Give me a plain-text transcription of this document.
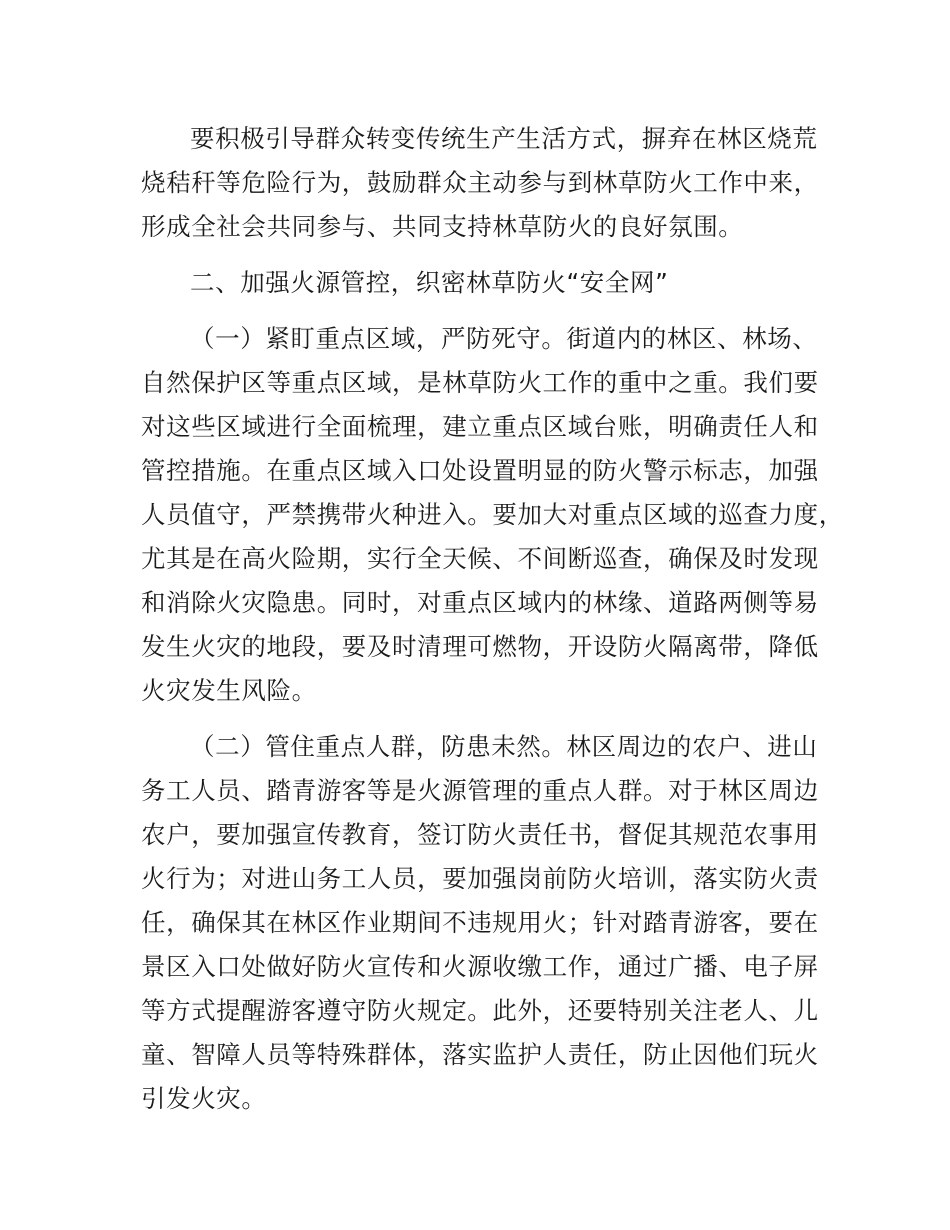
要积极引导群众转变传统生产生活方式，摒弃在林区烧荒
烧秸秆等危险行为，鼓励群众主动参与到林草防火工作中来，
形成全社会共同参与、共同支持林草防火的良好氛围。
二、加强火源管控，织密林草防火“安全网”
（一）紧盯重点区域，严防死守。街道内的林区、林场、
自然保护区等重点区域，是林草防火工作的重中之重。我们要
对这些区域进行全面梳理，建立重点区域台账，明确责任人和
管控措施。在重点区域入口处设置明显的防火警示标志，加强
人员值守，严禁携带火种进入。要加大对重点区域的巡查力度，
尤其是在高火险期，实行全天候、不间断巡查，确保及时发现
和消除火灾隐患。同时，对重点区域内的林缘、道路两侧等易
发生火灾的地段，要及时清理可燃物，开设防火隔离带，降低
火灾发生风险。
（二）管住重点人群，防患未然。林区周边的农户、进山
务工人员、踏青游客等是火源管理的重点人群。对于林区周边
农户，要加强宣传教育，签订防火责任书，督促其规范农事用
火行为；对进山务工人员，要加强岗前防火培训，落实防火责
任，确保其在林区作业期间不违规用火；针对踏青游客，要在
景区入口处做好防火宣传和火源收缴工作，通过广播、电子屏
等方式提醒游客遵守防火规定。此外，还要特别关注老人、儿
童、智障人员等特殊群体，落实监护人责任，防止因他们玩火
引发火灾。
